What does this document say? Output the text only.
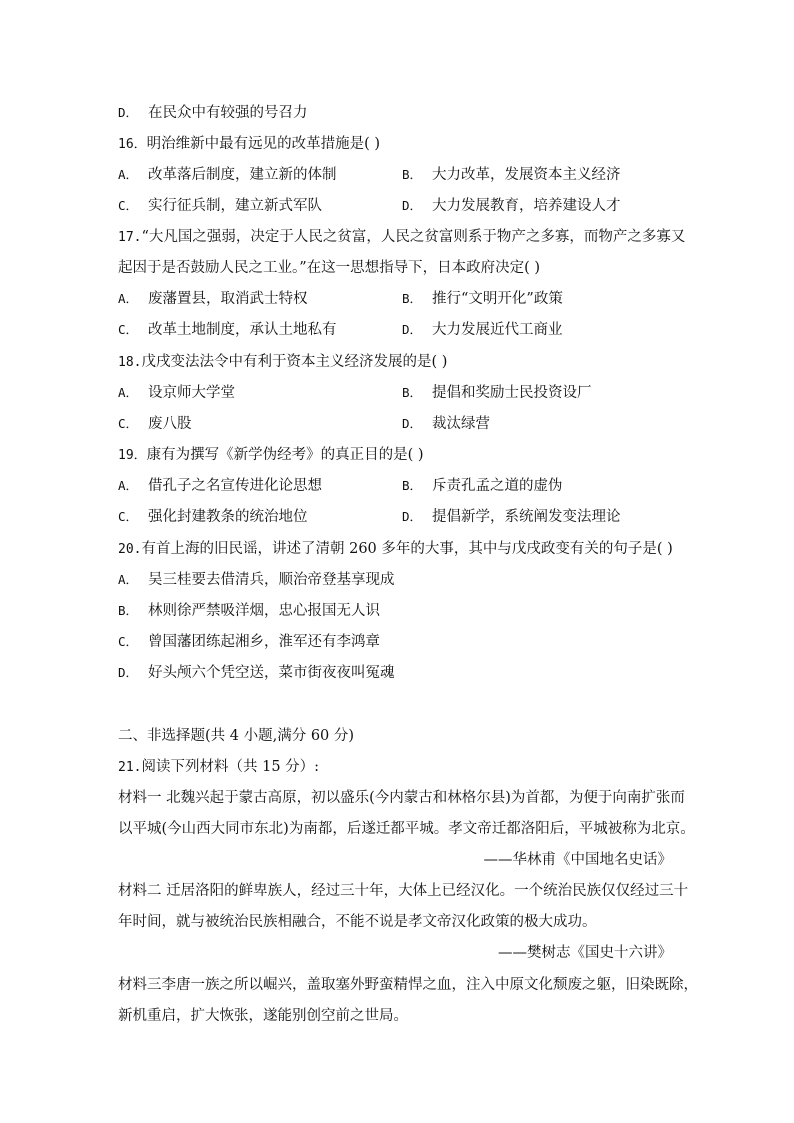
D． 在民众中有较强的号召力
16．明治维新中最有远见的改革措施是( )
A． 改革落后制度，建立新的体制	B． 大力改革，发展资本主义经济
C． 实行征兵制，建立新式军队	D． 大力发展教育，培养建设人才
17.“大凡国之强弱，决定于人民之贫富，人民之贫富则系于物产之多寡，而物产之多寡又
起因于是否鼓励人民之工业。”在这一思想指导下，日本政府决定( )
A． 废藩置县，取消武士特权	B． 推行“文明开化”政策
C． 改革土地制度，承认土地私有	D． 大力发展近代工商业
18.戊戌变法法令中有利于资本主义经济发展的是( )
A． 设京师大学堂	B． 提倡和奖励士民投资设厂
C． 废八股	D． 裁汰绿营
19．康有为撰写《新学伪经考》的真正目的是( )
A． 借孔子之名宣传进化论思想	B． 斥责孔孟之道的虚伪
C． 强化封建教条的统治地位	D． 提倡新学，系统阐发变法理论
20.有首上海的旧民谣，讲述了清朝 260 多年的大事，其中与戊戌政变有关的句子是( )
A． 吴三桂要去借清兵，顺治帝登基享现成
B． 林则徐严禁吸洋烟，忠心报国无人识
C． 曾国藩团练起湘乡，淮军还有李鸿章
D． 好头颅六个凭空送，菜市街夜夜叫冤魂
二、非选择题(共 4 小题,满分 60 分)
21.阅读下列材料（共 15 分）:
材料一 北魏兴起于蒙古高原，初以盛乐(今内蒙古和林格尔县)为首都，为便于向南扩张而
以平城(今山西大同市东北)为南都，后遂迁都平城。孝文帝迁都洛阳后，平城被称为北京。
——华林甫《中国地名史话》
材料二 迁居洛阳的鲜卑族人，经过三十年，大体上已经汉化。一个统治民族仅仅经过三十
年时间，就与被统治民族相融合，不能不说是孝文帝汉化政策的极大成功。
——樊树志《国史十六讲》
材料三李唐一族之所以崛兴，盖取塞外野蛮精悍之血，注入中原文化颓废之躯，旧染既除，
新机重启，扩大恢张，遂能别创空前之世局。
